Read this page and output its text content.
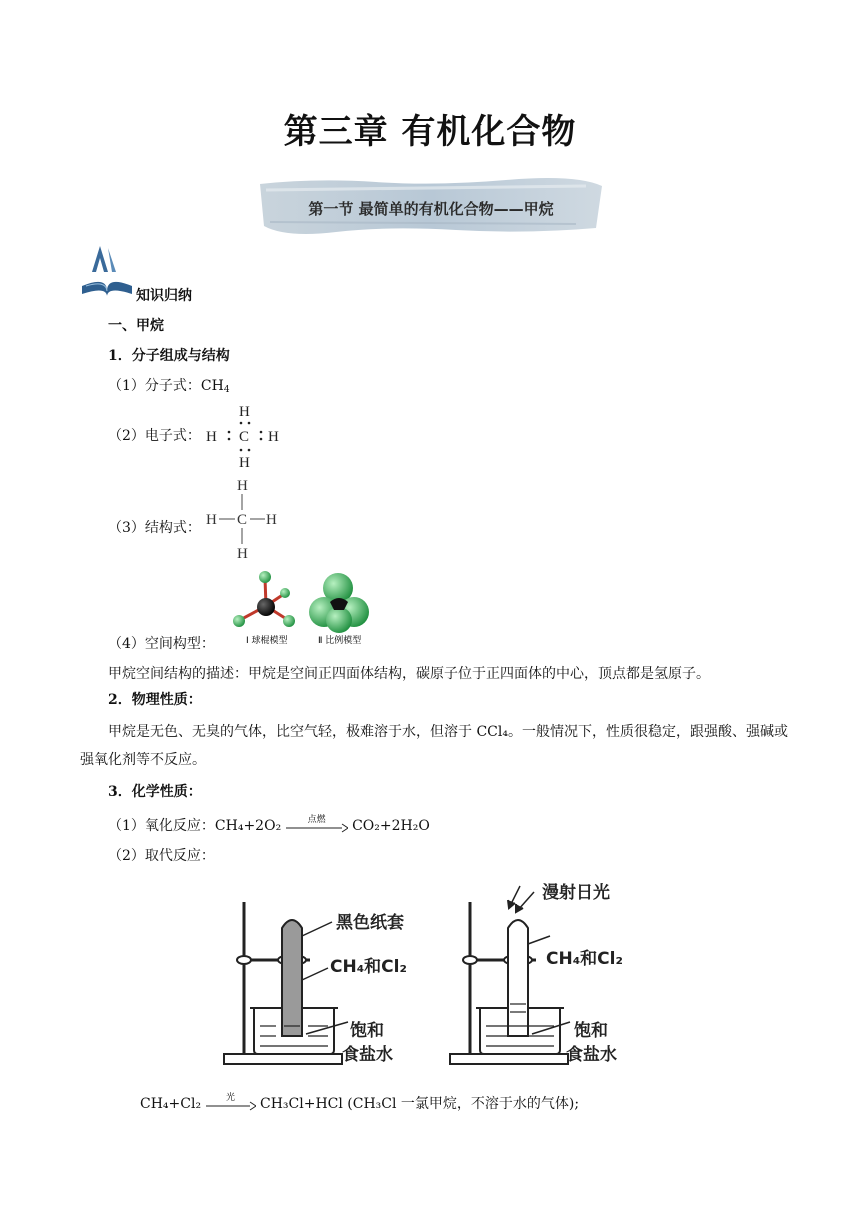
第三章 有机化合物
第一节 最简单的有机化合物——甲烷
知识归纳
一、甲烷
1．分子组成与结构
（1）分子式：$CH_4$
（2）电子式：
H
H C H
H
（3）结构式：
H
H C H
H
（4）空间构型：	Ⅰ 球棍模型	Ⅱ 比例模型
甲烷空间结构的描述：甲烷是空间正四面体结构，碳原子位于正四面体的中心，顶点都是氢原子。
2．物理性质：
甲烷是无色、无臭的气体，比空气轻，极难溶于水，但溶于 CCl₄。一般情况下，性质很稳定，跟强酸、强碱或强氧化剂等不反应。
3．化学性质：
（1）氧化反应：CH₄+2O₂	点燃	CO₂+2H₂O
（2）取代反应：
黑色纸套
CH₄和Cl₂
饱和
食盐水
漫射日光
CH₄和Cl₂
饱和
食盐水
CH₄+Cl₂	光	CH₃Cl+HCl (CH₃Cl 一氯甲烷，不溶于水的气体);
